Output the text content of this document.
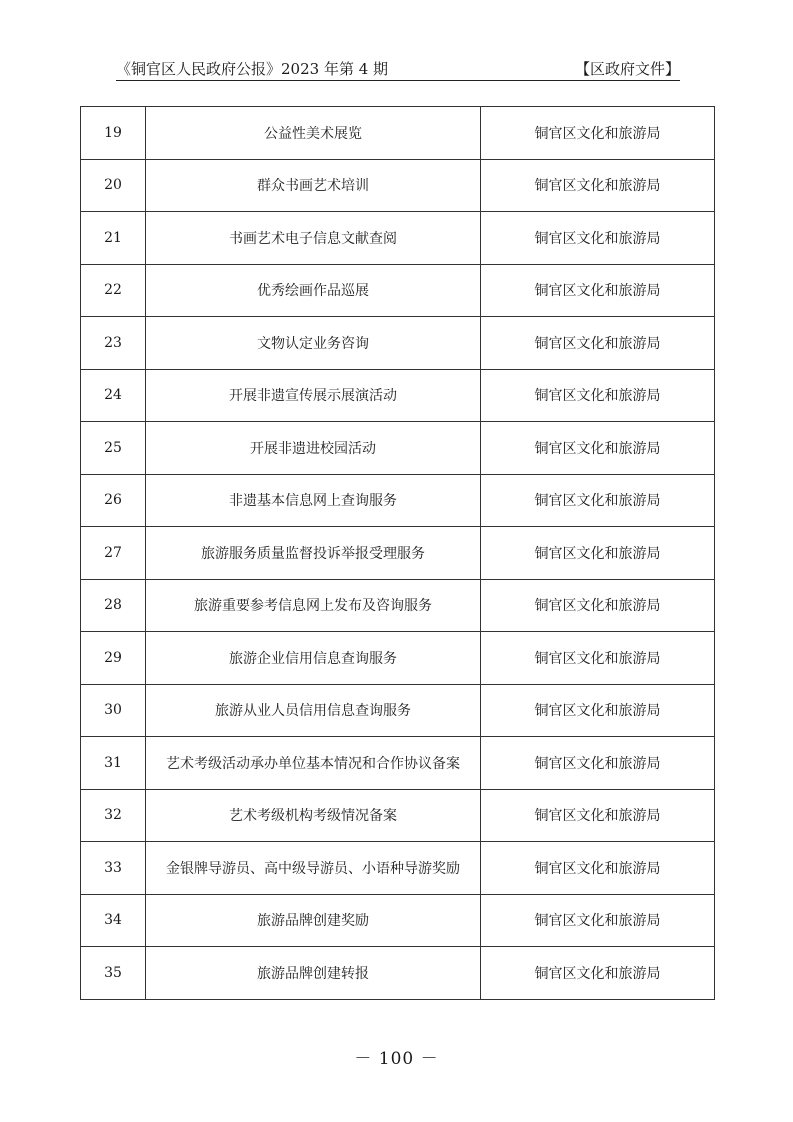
《铜官区人民政府公报》2023 年第 4 期	【区政府文件】
19	公益性美术展览	铜官区文化和旅游局
20	群众书画艺术培训	铜官区文化和旅游局
21	书画艺术电子信息文献查阅	铜官区文化和旅游局
22	优秀绘画作品巡展	铜官区文化和旅游局
23	文物认定业务咨询	铜官区文化和旅游局
24	开展非遗宣传展示展演活动	铜官区文化和旅游局
25	开展非遗进校园活动	铜官区文化和旅游局
26	非遗基本信息网上查询服务	铜官区文化和旅游局
27	旅游服务质量监督投诉举报受理服务	铜官区文化和旅游局
28	旅游重要参考信息网上发布及咨询服务	铜官区文化和旅游局
29	旅游企业信用信息查询服务	铜官区文化和旅游局
30	旅游从业人员信用信息查询服务	铜官区文化和旅游局
31	艺术考级活动承办单位基本情况和合作协议备案	铜官区文化和旅游局
32	艺术考级机构考级情况备案	铜官区文化和旅游局
33	金银牌导游员、高中级导游员、小语种导游奖励	铜官区文化和旅游局
34	旅游品牌创建奖励	铜官区文化和旅游局
35	旅游品牌创建转报	铜官区文化和旅游局
－ 100 －
